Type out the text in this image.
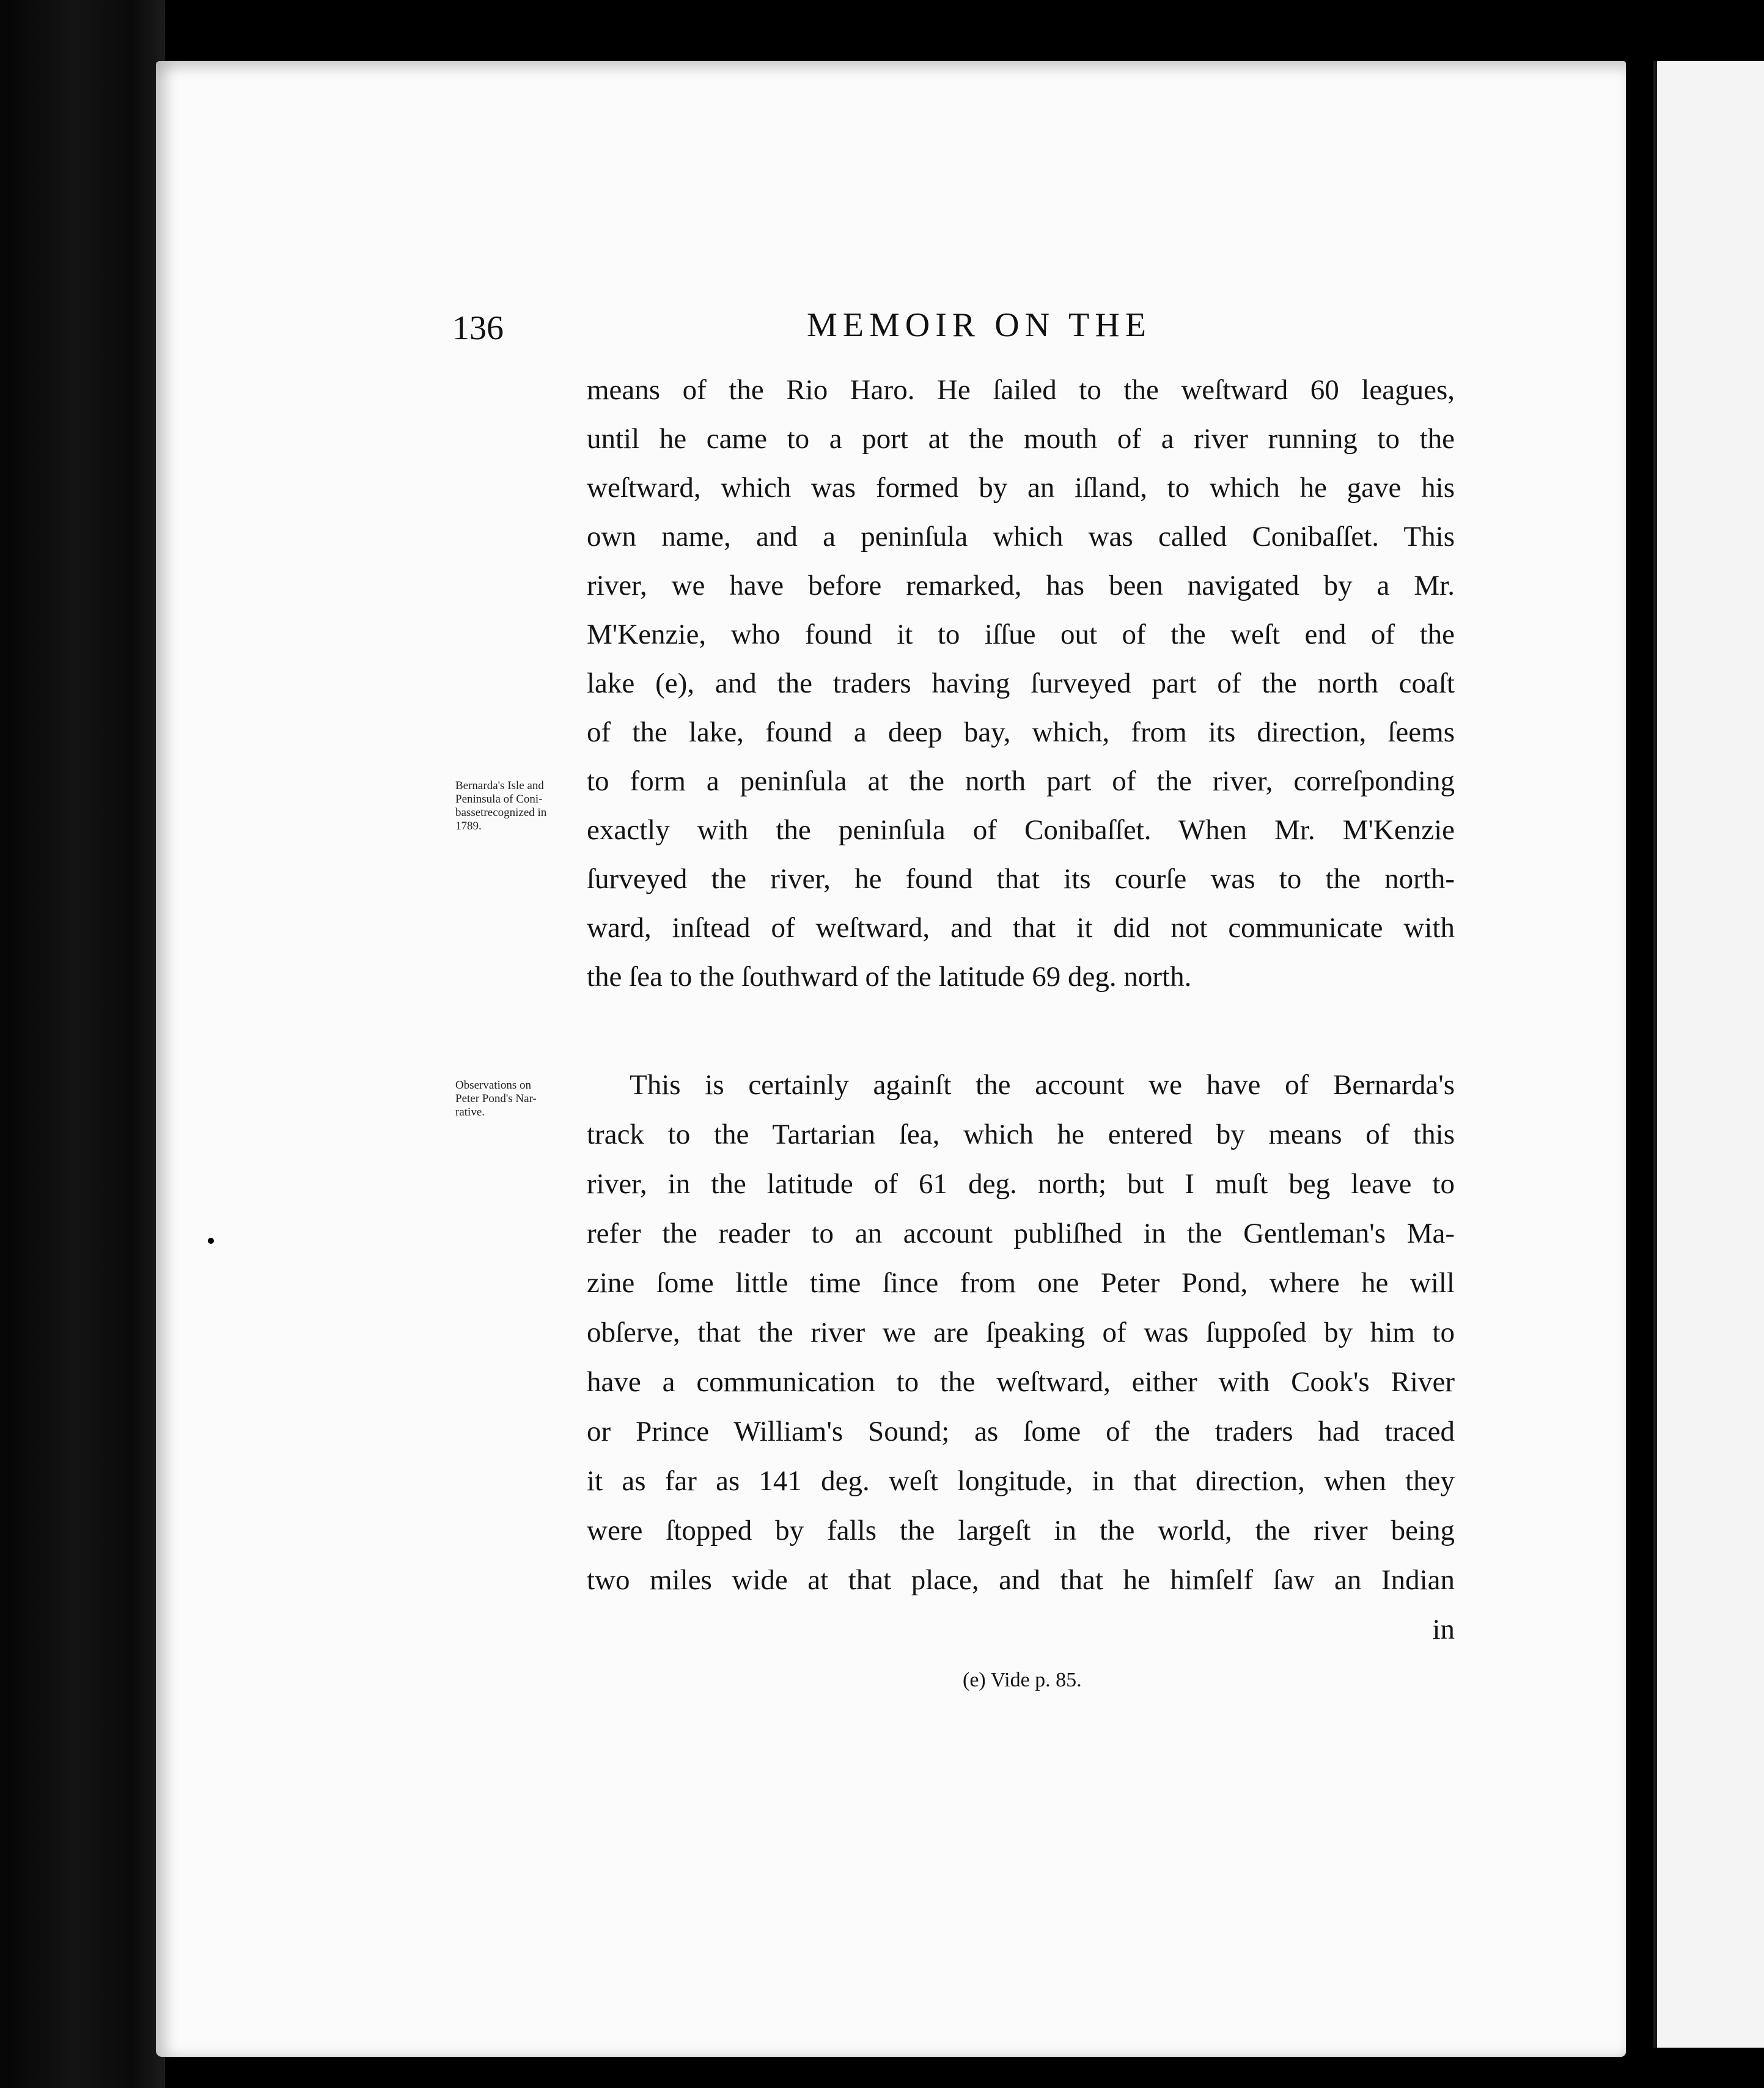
136	MEMOIR ON THE
Bernarda's Isle and
Peninsula of Coni-
bassetrecognized in
1789.
Observations on
Peter Pond's Nar-
rative.
means of the Rio Haro. He ſailed to the weſtward 60 leagues,
until he came to a port at the mouth of a river running to the
weſtward, which was formed by an iſland, to which he gave his
own name, and a peninſula which was called Conibaſſet. This
river, we have before remarked, has been navigated by a Mr.
M'Kenzie, who found it to iſſue out of the weſt end of the
lake (e), and the traders having ſurveyed part of the north coaſt
of the lake, found a deep bay, which, from its direction, ſeems
to form a peninſula at the north part of the river, correſponding
exactly with the peninſula of Conibaſſet. When Mr. M'Kenzie
ſurveyed the river, he found that its courſe was to the north-
ward, inſtead of weſtward, and that it did not communicate with
the ſea to the ſouthward of the latitude 69 deg. north.
This is certainly againſt the account we have of Bernarda's
track to the Tartarian ſea, which he entered by means of this
river, in the latitude of 61 deg. north; but I muſt beg leave to
refer the reader to an account publiſhed in the Gentleman's Ma-
zine ſome little time ſince from one Peter Pond, where he will
obſerve, that the river we are ſpeaking of was ſuppoſed by him to
have a communication to the weſtward, either with Cook's River
or Prince William's Sound; as ſome of the traders had traced
it as far as 141 deg. weſt longitude, in that direction, when they
were ſtopped by falls the largeſt in the world, the river being
two miles wide at that place, and that he himſelf ſaw an Indian
in
(e) Vide p. 85.
